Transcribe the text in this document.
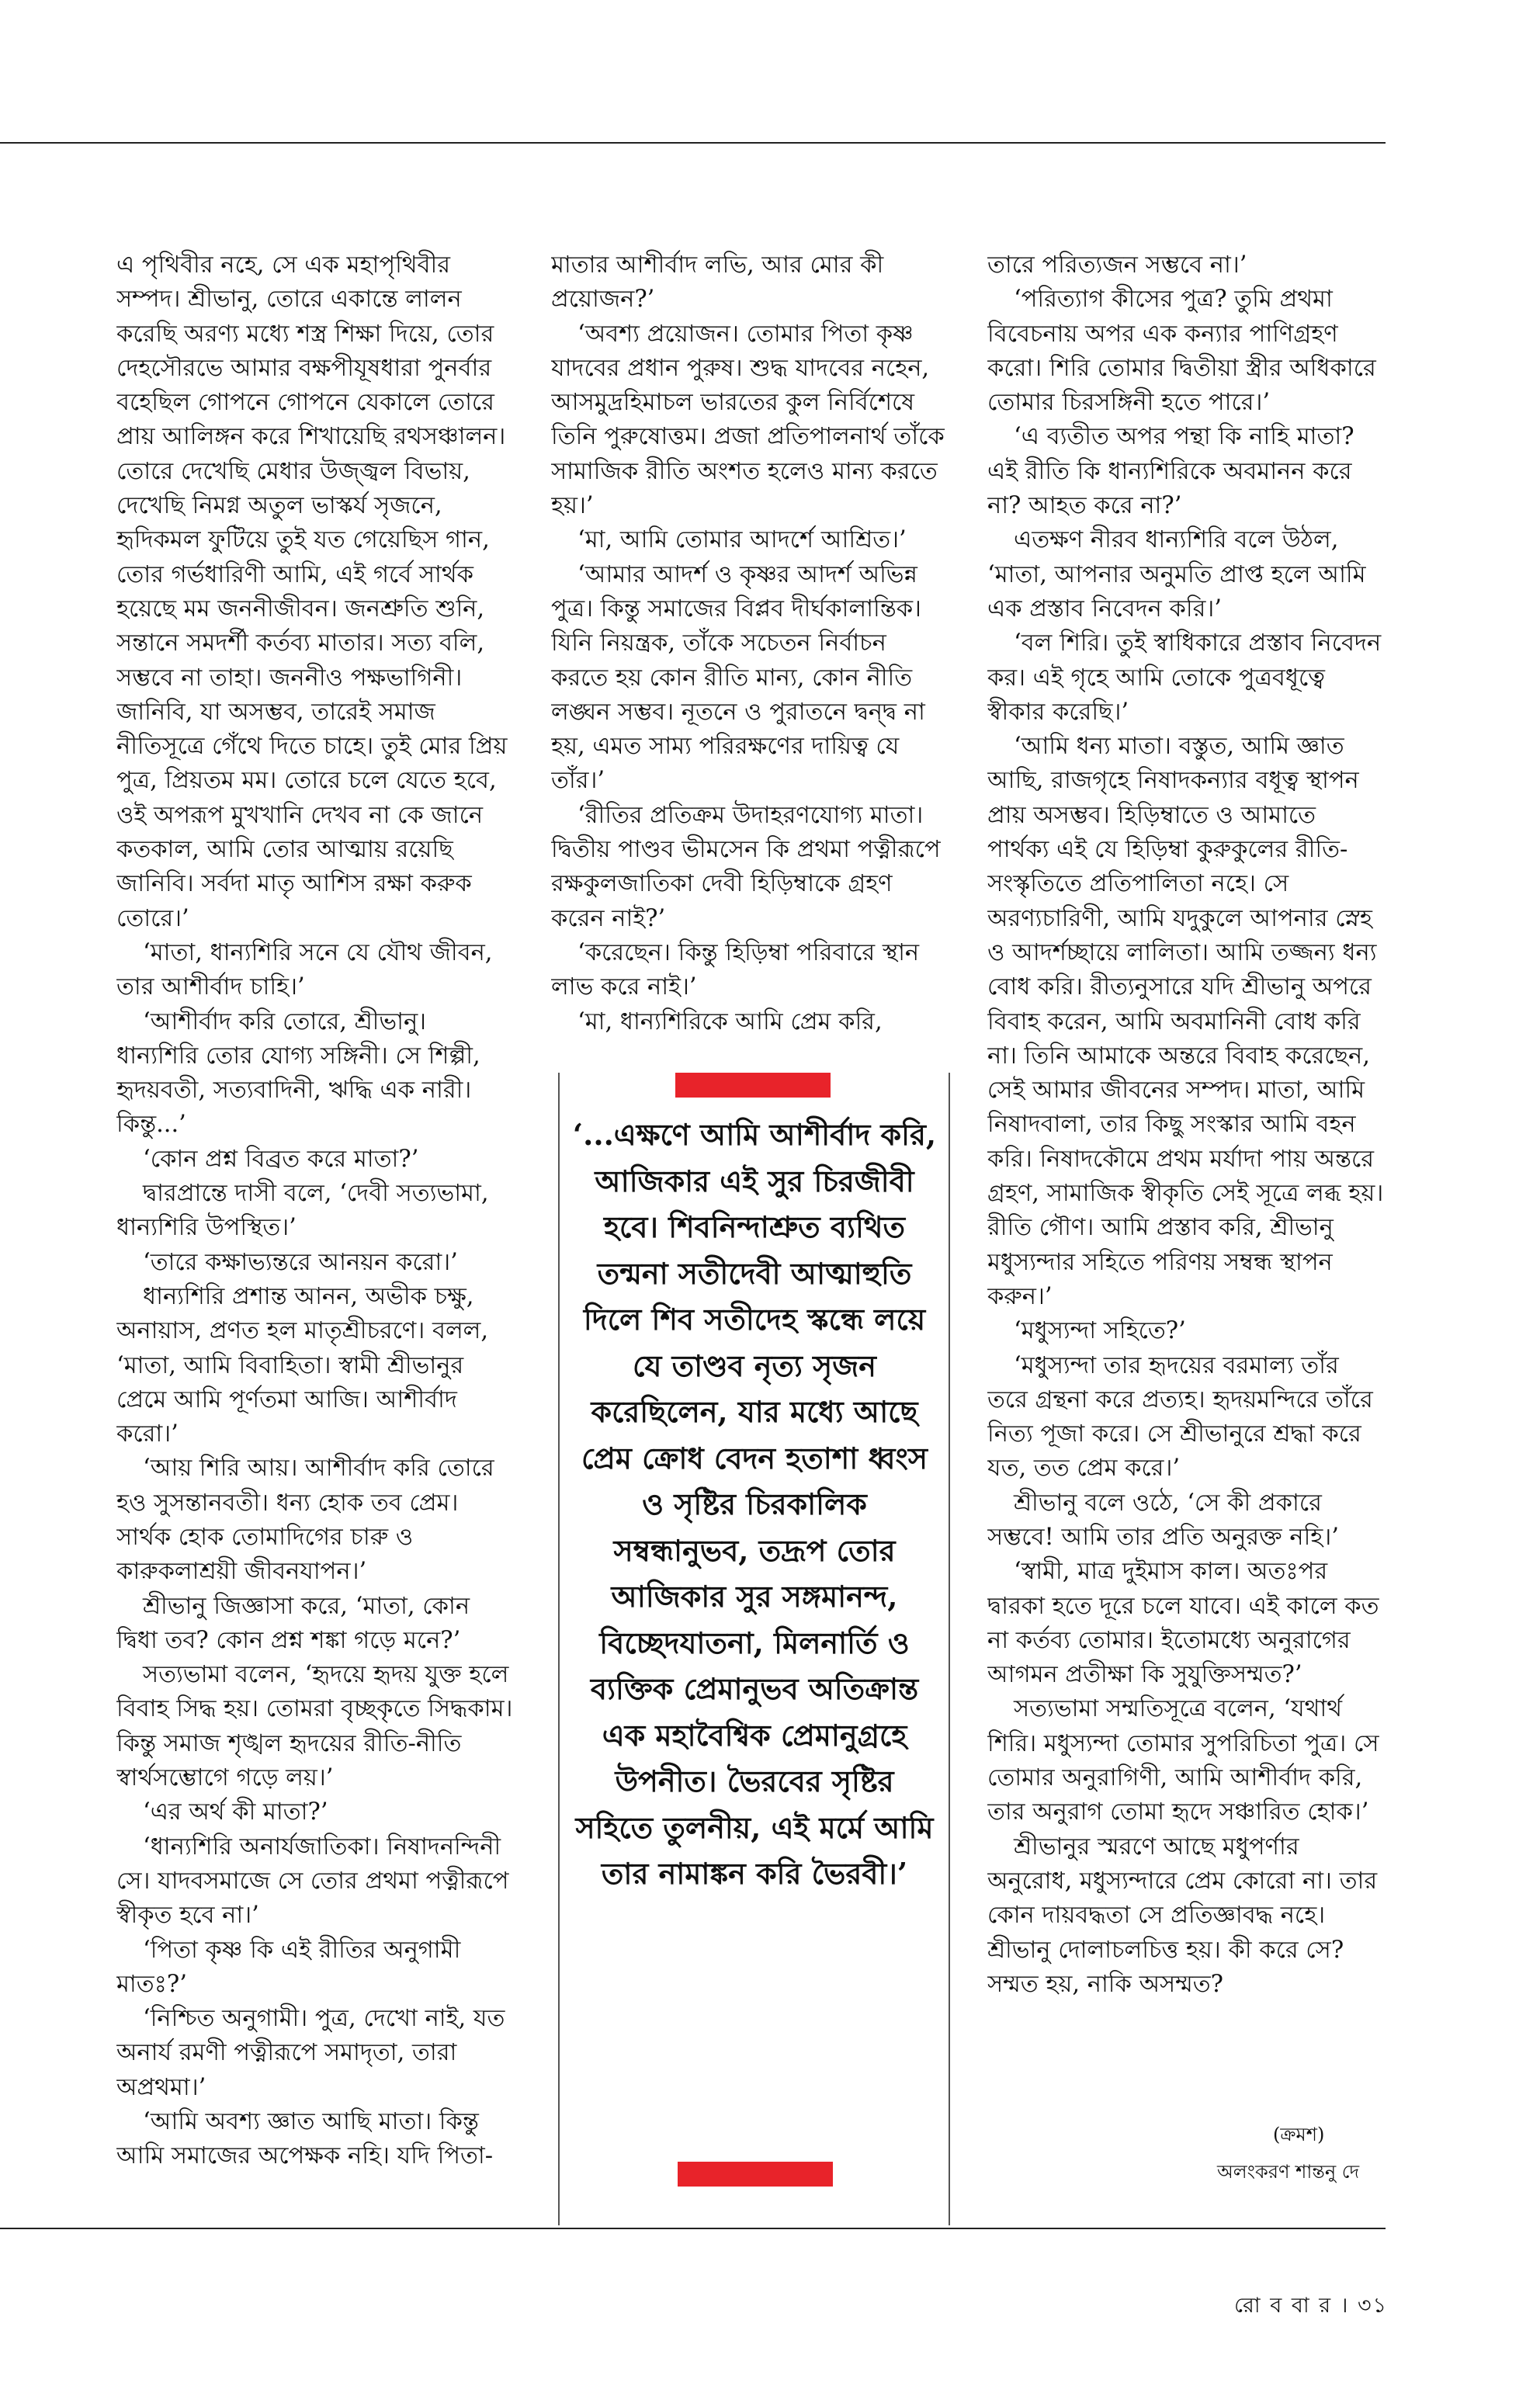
এ পৃথিবীর নহে, সে এক মহাপৃথিবীর সম্পদ। শ্রীভানু, তোরে একান্তে লালন করেছি অরণ্য মধ্যে শস্ত্র শিক্ষা দিয়ে, তোর দেহসৌরভে আমার বক্ষপীযূষধারা পুনর্বার বহেছিল গোপনে গোপনে যেকালে তোরে প্রায় আলিঙ্গন করে শিখায়েছি রথসঞ্চালন। তোরে দেখেছি মেধার উজ্জ্বল বিভায়, দেখেছি নিমগ্ন অতুল ভাস্কর্য সৃজনে, হৃদিকমল ফুটিয়ে তুই যত গেয়েছিস গান, তোর গর্ভধারিণী আমি, এই গর্বে সার্থক হয়েছে মম জননীজীবন। জনশ্রুতি শুনি, সন্তানে সমদর্শী কর্তব্য মাতার। সত্য বলি, সম্ভবে না তাহা। জননীও পক্ষভাগিনী। জানিবি, যা অসম্ভব, তারেই সমাজ নীতিসূত্রে গেঁথে দিতে চাহে। তুই মোর প্রিয় পুত্র, প্রিয়তম মম। তোরে চলে যেতে হবে, ওই অপরূপ মুখখানি দেখব না কে জানে কতকাল, আমি তোর আত্মায় রয়েছি জানিবি। সর্বদা মাতৃ আশিস রক্ষা করুক তোরে।’

‘মাতা, ধান্যশিরি সনে যে যৌথ জীবন, তার আশীর্বাদ চাহি।’

‘আশীর্বাদ করি তোরে, শ্রীভানু। ধান্যশিরি তোর যোগ্য সঙ্গিনী। সে শিল্পী, হৃদয়বতী, সত্যবাদিনী, ঋদ্ধি এক নারী। কিন্তু...’

‘কোন প্রশ্ন বিব্রত করে মাতা?’

দ্বারপ্রান্তে দাসী বলে, ‘দেবী সত্যভামা, ধান্যশিরি উপস্থিত।’

‘তারে কক্ষাভ্যন্তরে আনয়ন করো।’

ধান্যশিরি প্রশান্ত আনন, অভীক চক্ষু, অনায়াস, প্রণত হল মাতৃশ্রীচরণে। বলল, ‘মাতা, আমি বিবাহিতা। স্বামী শ্রীভানুর প্রেমে আমি পূর্ণতমা আজি। আশীর্বাদ করো।’

‘আয় শিরি আয়। আশীর্বাদ করি তোরে হও সুসন্তানবতী। ধন্য হোক তব প্রেম। সার্থক হোক তোমাদিগের চারু ও কারুকলাশ্রয়ী জীবনযাপন।’

শ্রীভানু জিজ্ঞাসা করে, ‘মাতা, কোন দ্বিধা তব? কোন প্রশ্ন শঙ্কা গড়ে মনে?’

সত্যভামা বলেন, ‘হৃদয়ে হৃদয় যুক্ত হলে বিবাহ সিদ্ধ হয়। তোমরা বৃচ্ছকৃতে সিদ্ধকাম। কিন্তু সমাজ শৃঙ্খল হৃদয়ের রীতি-নীতি স্বার্থসম্ভোগে গড়ে লয়।’

‘এর অর্থ কী মাতা?’

‘ধান্যশিরি অনার্যজাতিকা। নিষাদনন্দিনী সে। যাদবসমাজে সে তোর প্রথমা পত্নীরূপে স্বীকৃত হবে না।’

‘পিতা কৃষ্ণ কি এই রীতির অনুগামী মাতঃ?’

‘নিশ্চিত অনুগামী। পুত্র, দেখো নাই, যত অনার্য রমণী পত্নীরূপে সমাদৃতা, তারা অপ্রথমা।’

‘আমি অবশ্য জ্ঞাত আছি মাতা। কিন্তু আমি সমাজের অপেক্ষক নহি। যদি পিতা-

মাতার আশীর্বাদ লভি, আর মোর কী প্রয়োজন?’

‘অবশ্য প্রয়োজন। তোমার পিতা কৃষ্ণ যাদবের প্রধান পুরুষ। শুদ্ধ যাদবের নহেন, আসমুদ্রহিমাচল ভারতের কুল নির্বিশেষে তিনি পুরুষোত্তম। প্রজা প্রতিপালনার্থ তাঁকে সামাজিক রীতি অংশত হলেও মান্য করতে হয়।’

‘মা, আমি তোমার আদর্শে আশ্রিত।’

‘আমার আদর্শ ও কৃষ্ণর আদর্শ অভিন্ন পুত্র। কিন্তু সমাজের বিপ্লব দীর্ঘকালান্তিক। যিনি নিয়ন্ত্রক, তাঁকে সচেতন নির্বাচন করতে হয় কোন রীতি মান্য, কোন নীতি লঙ্ঘন সম্ভব। নূতনে ও পুরাতনে দ্বন্দ্ব না হয়, এমত সাম্য পরিরক্ষণের দায়িত্ব যে তাঁর।’

‘রীতির প্রতিক্রম উদাহরণযোগ্য মাতা। দ্বিতীয় পাণ্ডব ভীমসেন কি প্রথমা পত্নীরূপে রক্ষকুলজাতিকা দেবী হিড়িম্বাকে গ্রহণ করেন নাই?’

‘করেছেন। কিন্তু হিড়িম্বা পরিবারে স্থান লাভ করে নাই।’

‘মা, ধান্যশিরিকে আমি প্রেম করি,

তারে পরিত্যজন সম্ভবে না।’

‘পরিত্যাগ কীসের পুত্র? তুমি প্রথমা বিবেচনায় অপর এক কন্যার পাণিগ্রহণ করো। শিরি তোমার দ্বিতীয়া স্ত্রীর অধিকারে তোমার চিরসঙ্গিনী হতে পারে।’

‘এ ব্যতীত অপর পন্থা কি নাহি মাতা? এই রীতি কি ধান্যশিরিকে অবমানন করে না? আহত করে না?’

এতক্ষণ নীরব ধান্যশিরি বলে উঠল, ‘মাতা, আপনার অনুমতি প্রাপ্ত হলে আমি এক প্রস্তাব নিবেদন করি।’

‘বল শিরি। তুই স্বাধিকারে প্রস্তাব নিবেদন কর। এই গৃহে আমি তোকে পুত্রবধূত্বে স্বীকার করেছি।’

‘আমি ধন্য মাতা। বস্তুত, আমি জ্ঞাত আছি, রাজগৃহে নিষাদকন্যার বধূত্ব স্থাপন প্রায় অসম্ভব। হিড়িম্বাতে ও আমাতে পার্থক্য এই যে হিড়িম্বা কুরুকুলের রীতি-সংস্কৃতিতে প্রতিপালিতা নহে। সে অরণ্যচারিণী, আমি যদুকুলে আপনার স্নেহ ও আদর্শচ্ছায়ে লালিতা। আমি তজ্জন্য ধন্য বোধ করি। রীত্যনুসারে যদি শ্রীভানু অপরে বিবাহ করেন, আমি অবমানিনী বোধ করি না। তিনি আমাকে অন্তরে বিবাহ করেছেন, সেই আমার জীবনের সম্পদ। মাতা, আমি নিষাদবালা, তার কিছু সংস্কার আমি বহন করি। নিষাদকৌমে প্রথম মর্যাদা পায় অন্তরে গ্রহণ, সামাজিক স্বীকৃতি সেই সূত্রে লব্ধ হয়। রীতি গৌণ। আমি প্রস্তাব করি, শ্রীভানু মধুস্যন্দার সহিতে পরিণয় সম্বন্ধ স্থাপন করুন।’

‘মধুস্যন্দা সহিতে?’

‘মধুস্যন্দা তার হৃদয়ের বরমাল্য তাঁর তরে গ্রন্থনা করে প্রত্যহ। হৃদয়মন্দিরে তাঁরে নিত্য পূজা করে। সে শ্রীভানুরে শ্রদ্ধা করে যত, তত প্রেম করে।’

শ্রীভানু বলে ওঠে, ‘সে কী প্রকারে সম্ভবে! আমি তার প্রতি অনুরক্ত নহি।’

‘স্বামী, মাত্র দুইমাস কাল। অতঃপর দ্বারকা হতে দূরে চলে যাবে। এই কালে কত না কর্তব্য তোমার। ইতোমধ্যে অনুরাগের আগমন প্রতীক্ষা কি সুযুক্তিসম্মত?’

সত্যভামা সম্মতিসূত্রে বলেন, ‘যথার্থ শিরি। মধুস্যন্দা তোমার সুপরিচিতা পুত্র। সে তোমার অনুরাগিণী, আমি আশীর্বাদ করি, তার অনুরাগ তোমা হৃদে সঞ্চারিত হোক।’

শ্রীভানুর স্মরণে আছে মধুপর্ণার অনুরোধ, মধুস্যন্দারে প্রেম কোরো না। তার কোন দায়বদ্ধতা সে প্রতিজ্ঞাবদ্ধ নহে। শ্রীভানু দোলাচলচিত্ত হয়। কী করে সে? সম্মত হয়, নাকি অসম্মত?

‘...এক্ষণে আমি আশীর্বাদ করি, আজিকার এই সুর চিরজীবী হবে। শিবনিন্দাশ্রুত ব্যথিত তন্মনা সতীদেবী আত্মাহুতি দিলে শিব সতীদেহ স্কন্ধে লয়ে যে তাণ্ডব নৃত্য সৃজন করেছিলেন, যার মধ্যে আছে প্রেম ক্রোধ বেদন হতাশা ধ্বংস ও সৃষ্টির চিরকালিক সম্বন্ধানুভব, তদ্রূপ তোর আজিকার সুর সঙ্গমানন্দ, বিচ্ছেদযাতনা, মিলনার্তি ও ব্যক্তিক প্রেমানুভব অতিক্রান্ত এক মহাবৈশ্বিক প্রেমানুগ্রহে উপনীত। ভৈরবের সৃষ্টির সহিতে তুলনীয়, এই মর্মে আমি তার নামাঙ্কন করি ভৈরবী।’

(ক্রমশ)
অলংকরণ শান্তনু দে
রো ব বা র । ৩১
